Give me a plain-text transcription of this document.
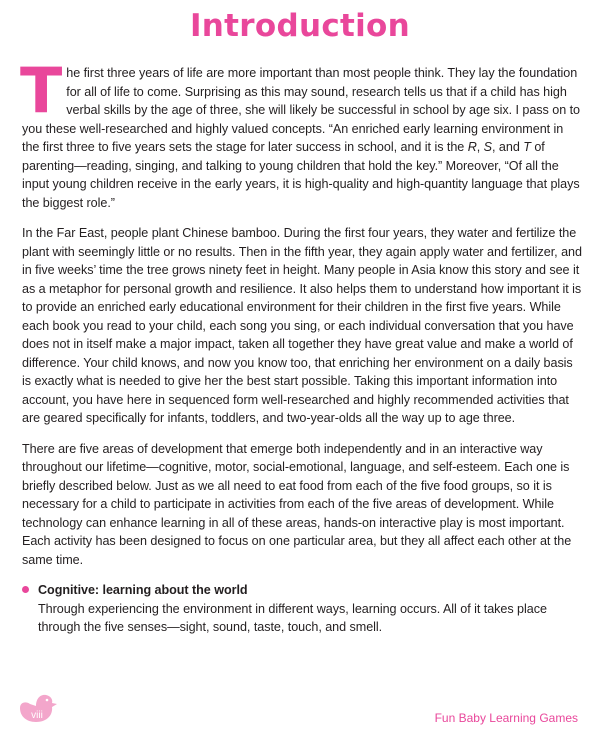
Introduction

The first three years of life are more important than most people think. They lay the foundation for all of life to come. Surprising as this may sound, research tells us that if a child has high verbal skills by the age of three, she will likely be successful in school by age six. I pass on to you these well-researched and highly valued concepts. “An enriched early learning environment in the first three to five years sets the stage for later success in school, and it is the R, S, and T of parenting—reading, singing, and talking to young children that hold the key.” Moreover, “Of all the input young children receive in the early years, it is high-quality and high-quantity language that plays the biggest role.”

In the Far East, people plant Chinese bamboo. During the first four years, they water and fertilize the plant with seemingly little or no results. Then in the fifth year, they again apply water and fertilizer, and in five weeks’ time the tree grows ninety feet in height. Many people in Asia know this story and see it as a metaphor for personal growth and resilience. It also helps them to understand how important it is to provide an enriched early educational environment for their children in the first five years. While each book you read to your child, each song you sing, or each individual conversation that you have does not in itself make a major impact, taken all together they have great value and make a world of difference. Your child knows, and now you know too, that enriching her environment on a daily basis is exactly what is needed to give her the best start possible. Taking this important information into account, you have here in sequenced form well-researched and highly recommended activities that are geared specifically for infants, toddlers, and two-year-olds all the way up to age three.

There are five areas of development that emerge both independently and in an interactive way throughout our lifetime—cognitive, motor, social-emotional, language, and self-esteem. Each one is briefly described below. Just as we all need to eat food from each of the five food groups, so it is necessary for a child to participate in activities from each of the five areas of development. While technology can enhance learning in all of these areas, hands-on interactive play is most important. Each activity has been designed to focus on one particular area, but they all affect each other at the same time.

Cognitive: learning about the world
Through experiencing the environment in different ways, learning occurs. All of it takes place through the five senses—sight, sound, taste, touch, and smell.
viii	Fun Baby Learning Games
